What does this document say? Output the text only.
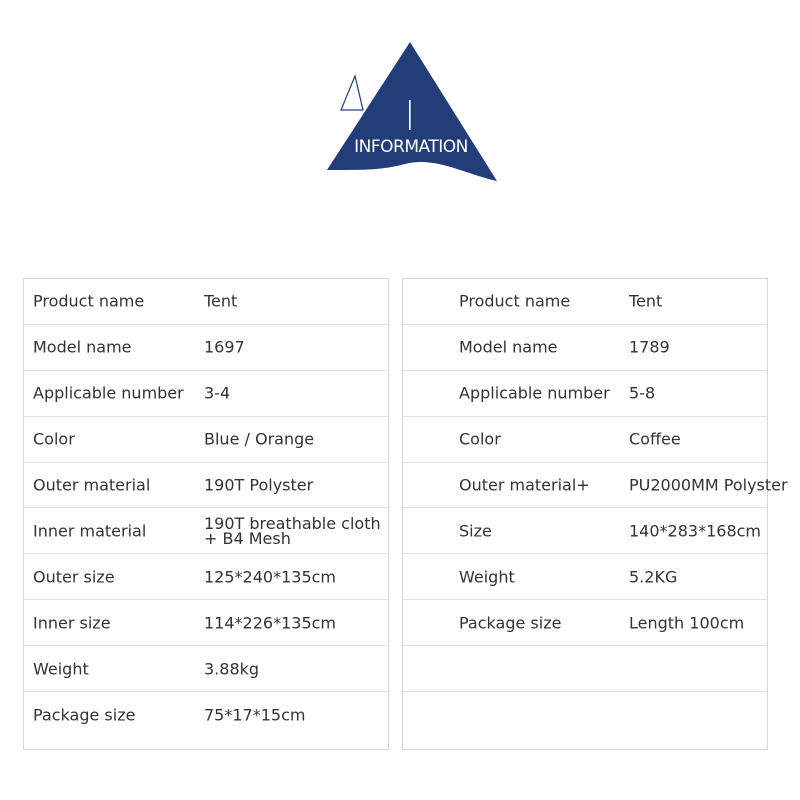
INFORMATION
Product name	Tent
Model name	1697
Applicable number 3-4
Color	Blue / Orange
Outer material	190T Polyster
Inner material	190T breathable cloth
+ B4 Mesh
Outer size	125*240*135cm
Inner size	114*226*135cm
Weight	3.88kg
Package size	75*17*15cm
Product name	Tent
Model name	1789
Applicable number 5-8
Color	Coffee
Outer material+ PU2000MM Polyster
Size	140*283*168cm
Weight	5.2KG
Package size	Length 100cm
